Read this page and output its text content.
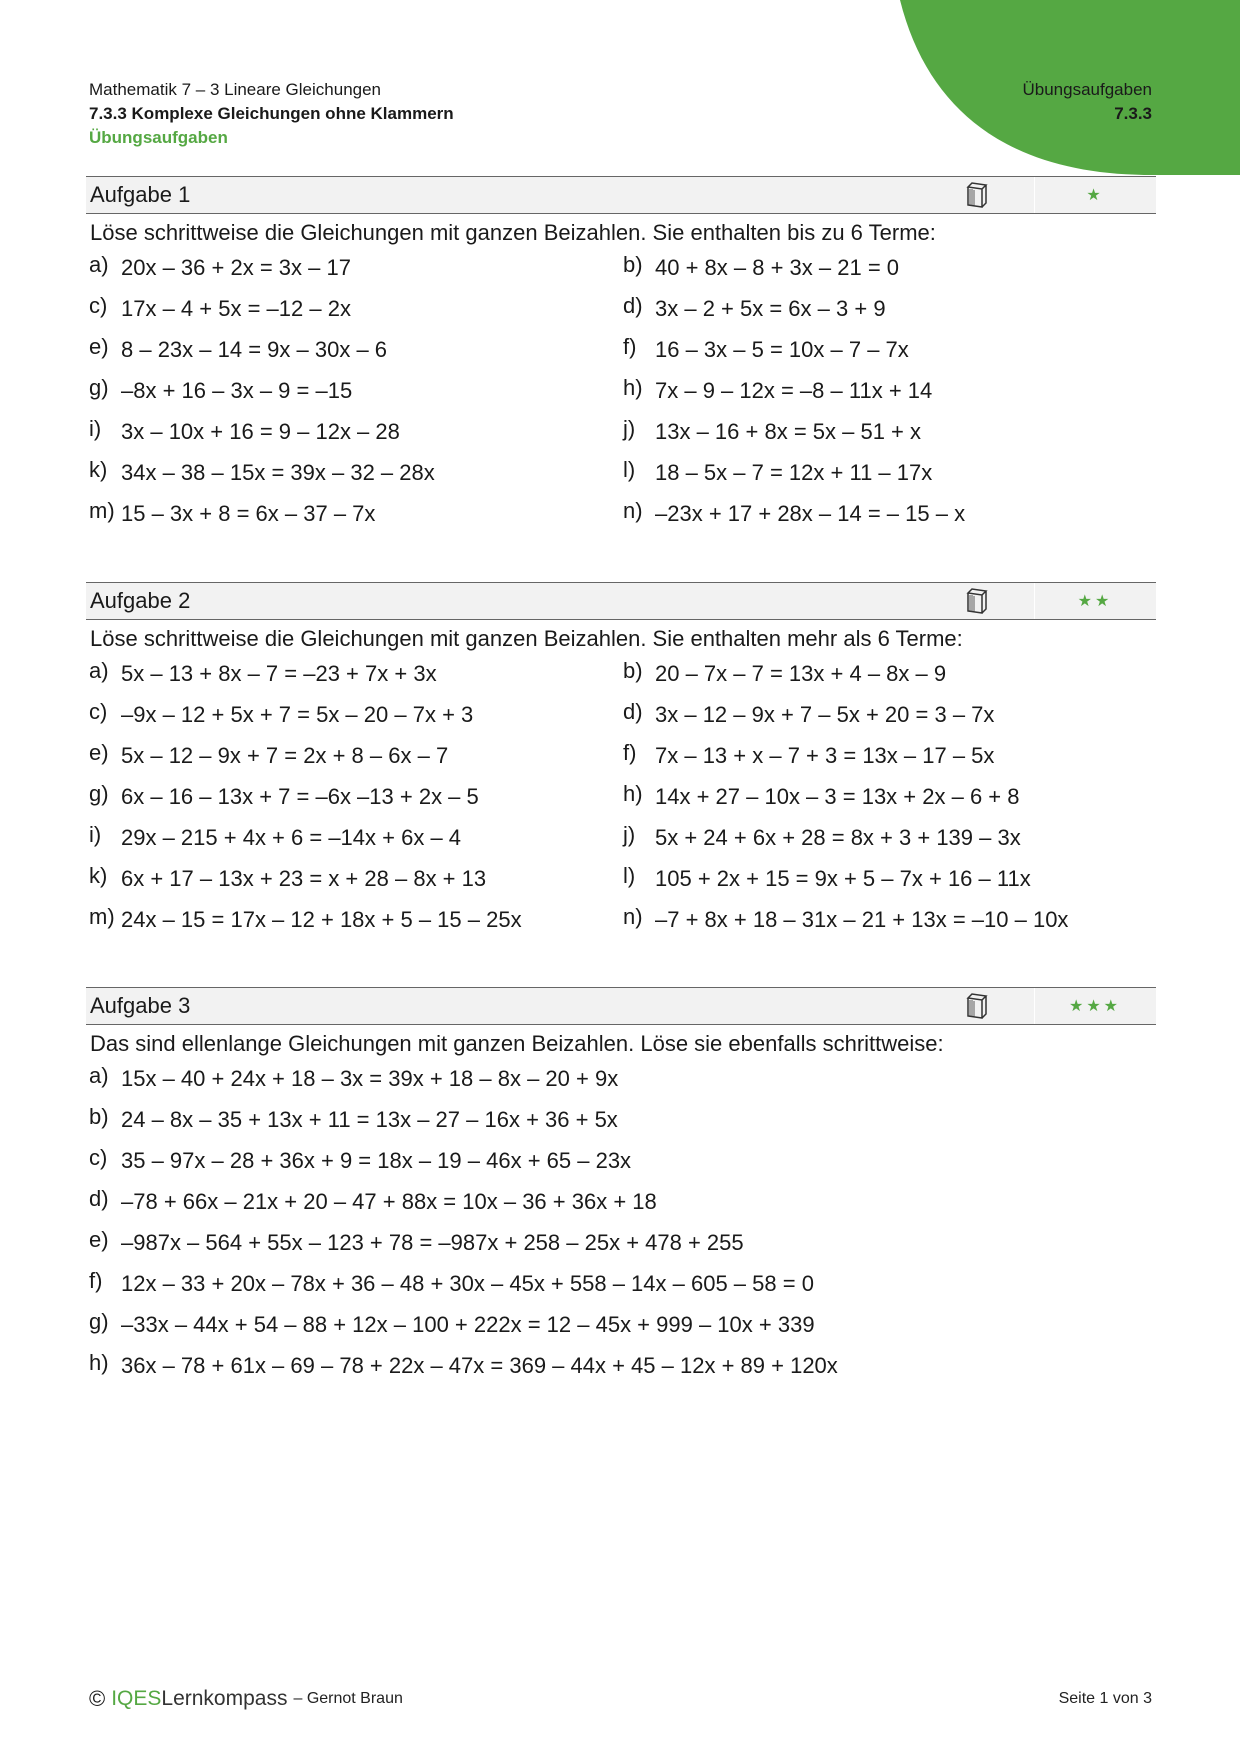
Mathematik 7 – 3 Lineare Gleichungen
7.3.3 Komplexe Gleichungen ohne Klammern
Übungsaufgaben
Übungsaufgaben
7.3.3
Aufgabe 1	★
Löse schrittweise die Gleichungen mit ganzen Beizahlen. Sie enthalten bis zu 6 Terme:
a) 20x – 36 + 2x = 3x – 17	b) 40 + 8x – 8 + 3x – 21 = 0
c) 17x – 4 + 5x = –12 – 2x	d) 3x – 2 + 5x = 6x – 3 + 9
e) 8 – 23x – 14 = 9x – 30x – 6	f) 16 – 3x – 5 = 10x – 7 – 7x
g) –8x + 16 – 3x – 9 = –15	h) 7x – 9 – 12x = –8 – 11x + 14
i) 3x – 10x + 16 = 9 – 12x – 28	j) 13x – 16 + 8x = 5x – 51 + x
k) 34x – 38 – 15x = 39x – 32 – 28x	l) 18 – 5x – 7 = 12x + 11 – 17x
m) 15 – 3x + 8 = 6x – 37 – 7x	n) –23x + 17 + 28x – 14 = – 15 – x
Aufgabe 2	★★
Löse schrittweise die Gleichungen mit ganzen Beizahlen. Sie enthalten mehr als 6 Terme:
a) 5x – 13 + 8x – 7 = –23 + 7x + 3x	b) 20 – 7x – 7 = 13x + 4 – 8x – 9
c) –9x – 12 + 5x + 7 = 5x – 20 – 7x + 3	d) 3x – 12 – 9x + 7 – 5x + 20 = 3 – 7x
e) 5x – 12 – 9x + 7 = 2x + 8 – 6x – 7	f) 7x – 13 + x – 7 + 3 = 13x – 17 – 5x
g) 6x – 16 – 13x + 7 = –6x –13 + 2x – 5	h) 14x + 27 – 10x – 3 = 13x + 2x – 6 + 8
i) 29x – 215 + 4x + 6 = –14x + 6x – 4	j) 5x + 24 + 6x + 28 = 8x + 3 + 139 – 3x
k) 6x + 17 – 13x + 23 = x + 28 – 8x + 13	l) 105 + 2x + 15 = 9x + 5 – 7x + 16 – 11x
m) 24x – 15 = 17x – 12 + 18x + 5 – 15 – 25x	n) –7 + 8x + 18 – 31x – 21 + 13x = –10 – 10x
Aufgabe 3	★★★
Das sind ellenlange Gleichungen mit ganzen Beizahlen. Löse sie ebenfalls schrittweise:
a) 15x – 40 + 24x + 18 – 3x = 39x + 18 – 8x – 20 + 9x
b) 24 – 8x – 35 + 13x + 11 = 13x – 27 – 16x + 36 + 5x
c) 35 – 97x – 28 + 36x + 9 = 18x – 19 – 46x + 65 – 23x
d) –78 + 66x – 21x + 20 – 47 + 88x = 10x – 36 + 36x + 18
e) –987x – 564 + 55x – 123 + 78 = –987x + 258 – 25x + 478 + 255
f) 12x – 33 + 20x – 78x + 36 – 48 + 30x – 45x + 558 – 14x – 605 – 58 = 0
g) –33x – 44x + 54 – 88 + 12x – 100 + 222x = 12 – 45x + 999 – 10x + 339
h) 36x – 78 + 61x – 69 – 78 + 22x – 47x = 369 – 44x + 45 – 12x + 89 + 120x
© IQES Lernkompass – Gernot Braun	Seite 1 von 3
